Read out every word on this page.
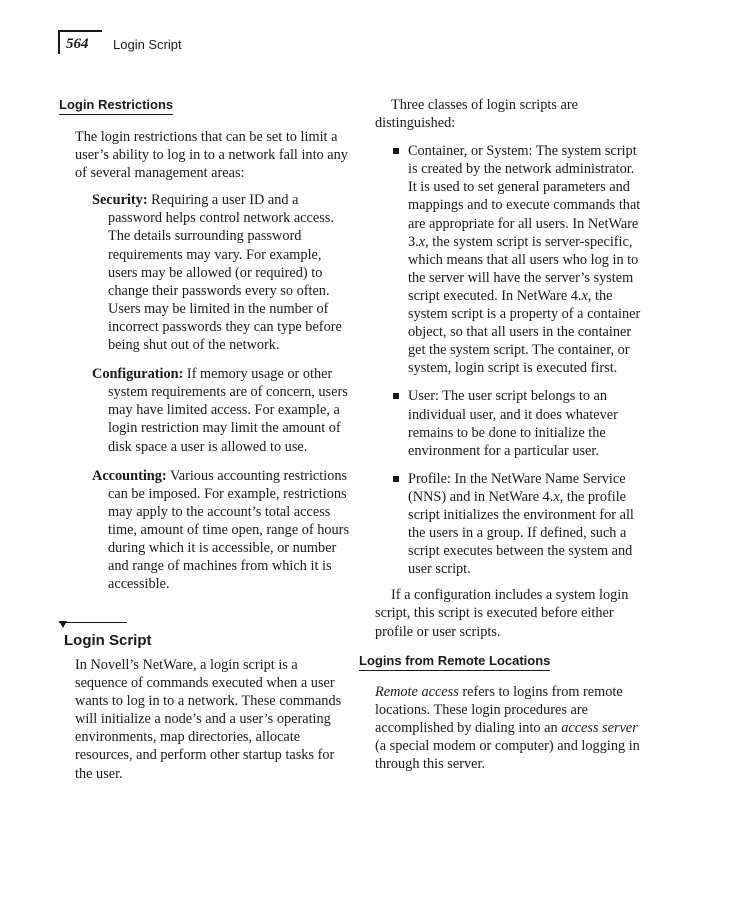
564 Login Script
Login Restrictions

The login restrictions that can be set to limit a user’s ability to log in to a network fall into any of several management areas:

Security: Requiring a user ID and a password helps control network access. The details surrounding password requirements may vary. For example, users may be allowed (or required) to change their passwords every so often. Users may be limited in the number of incorrect passwords they can type before being shut out of the network.

Configuration: If memory usage or other system requirements are of concern, users may have limited access. For example, a login restriction may limit the amount of disk space a user is allowed to use.

Accounting: Various accounting restrictions can be imposed. For example, restrictions may apply to the account’s total access time, amount of time open, range of hours during which it is accessible, or number and range of machines from which it is accessible.

Login Script

In Novell’s NetWare, a login script is a sequence of commands executed when a user wants to log in to a network. These commands will initialize a node’s and a user’s operating environments, map directories, allocate resources, and perform other startup tasks for the user.

Three classes of login scripts are distinguished:

Container, or System: The system script is created by the network administrator. It is used to set general parameters and mappings and to execute commands that are appropriate for all users. In NetWare 3.x, the system script is server-specific, which means that all users who log in to the server will have the server’s system script executed. In NetWare 4.x, the system script is a property of a container object, so that all users in the container get the system script. The container, or system, login script is executed first.
User: The user script belongs to an individual user, and it does whatever remains to be done to initialize the environment for a particular user.
Profile: In the NetWare Name Service (NNS) and in NetWare 4.x, the profile script initializes the environment for all the users in a group. If defined, such a script executes between the system and user script.

If a configuration includes a system login script, this script is executed before either profile or user scripts.

Logins from Remote Locations

Remote access refers to logins from remote locations. These login procedures are accomplished by dialing into an access server (a special modem or computer) and logging in through this server.
